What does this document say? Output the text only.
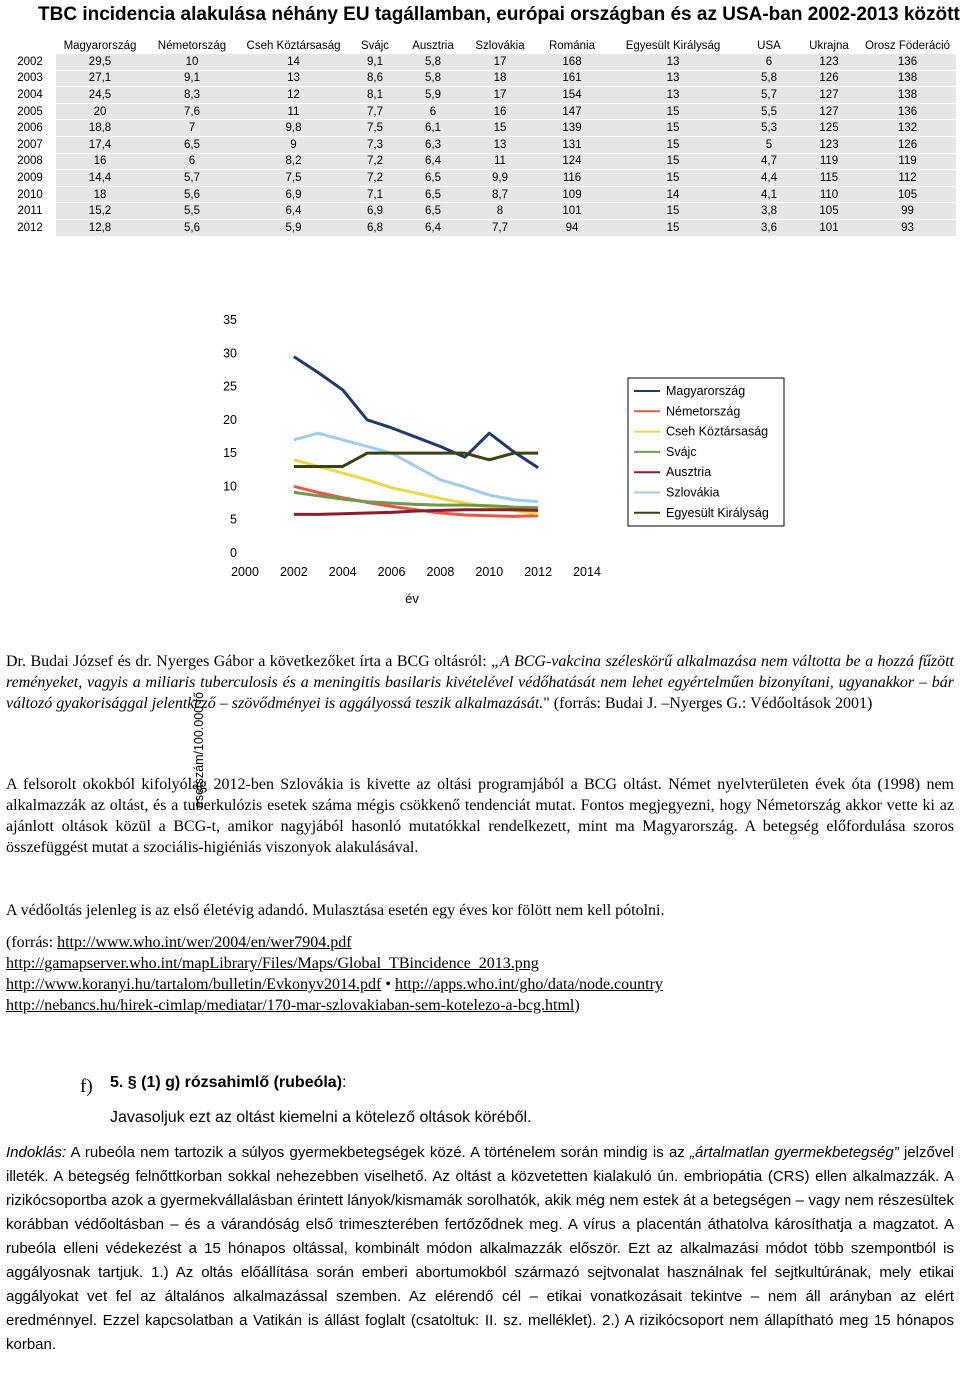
TBC incidencia alakulása néhány EU tagállamban, európai országban és az USA-ban 2002-2013 között
	Magyarország	Németország	Cseh Köztársaság	Svájc	Ausztria	Szlovákia	Románia	Egyesült Királyság	USA	Ukrajna	Orosz Föderáció
2002	29,5	10	14	9,1	5,8	17	168	13	6	123	136
2003	27,1	9,1	13	8,6	5,8	18	161	13	5,8	126	138
2004	24,5	8,3	12	8,1	5,9	17	154	13	5,7	127	138
2005	20	7,6	11	7,7	6	16	147	15	5,5	127	136
2006	18,8	7	9,8	7,5	6,1	15	139	15	5,3	125	132
2007	17,4	6,5	9	7,3	6,3	13	131	15	5	123	126
2008	16	6	8,2	7,2	6,4	11	124	15	4,7	119	119
2009	14,4	5,7	7,5	7,2	6,5	9,9	116	15	4,4	115	112
2010	18	5,6	6,9	7,1	6,5	8,7	109	14	4,1	110	105
2011	15,2	5,5	6,4	6,9	6,5	8	101	15	3,8	105	99
2012	12,8	5,6	5,9	6,8	6,4	7,7	94	15	3,6	101	93
esetszám/100.000 fő
0
5
10
15
20
25
30
35
2000 2002 2004 2006 2008 2010 2012 2014
év
Magyarország
Németország
Cseh Köztársaság
Svájc
Ausztria
Szlovákia
Egyesült Királyság

Dr. Budai József és dr. Nyerges Gábor a következőket írta a BCG oltásról: „A BCG-vakcina széleskörű alkalmazása nem váltotta be a hozzá fűzött reményeket, vagyis a miliaris tuberculosis és a meningitis basilaris kivételével védőhatását nem lehet egyértelműen bizonyítani, ugyanakkor – bár változó gyakorisággal jelentkező – szövődményei is aggályossá teszik alkalmazását." (forrás: Budai J. –Nyerges G.: Védőoltások 2001)

A felsorolt okokból kifolyólag 2012-ben Szlovákia is kivette az oltási programjából a BCG oltást. Német nyelvterületen évek óta (1998) nem alkalmazzák az oltást, és a tuberkulózis esetek száma mégis csökkenő tendenciát mutat. Fontos megjegyezni, hogy Németország akkor vette ki az ajánlott oltások közül a BCG-t, amikor nagyjából hasonló mutatókkal rendelkezett, mint ma Magyarország. A betegség előfordulása szoros összefüggést mutat a szociális-higiéniás viszonyok alakulásával.

A védőoltás jelenleg is az első életévig adandó. Mulasztása esetén egy éves kor fölött nem kell pótolni.

(forrás: http://www.who.int/wer/2004/en/wer7904.pdf
http://gamapserver.who.int/mapLibrary/Files/Maps/Global_TBincidence_2013.png
http://www.koranyi.hu/tartalom/bulletin/Evkonyv2014.pdf • http://apps.who.int/gho/data/node.country
http://nebancs.hu/hirek-cimlap/mediatar/170-mar-szlovakiaban-sem-kotelezo-a-bcg.html)
f) 5. § (1) g) rózsahimlő (rubeóla):
Javasoljuk ezt az oltást kiemelni a kötelező oltások köréből.

Indoklás: A rubeóla nem tartozik a súlyos gyermekbetegségek közé. A történelem során mindig is az „ártalmatlan gyermekbetegség” jelzővel illeték. A betegség felnőttkorban sokkal nehezebben viselhető. Az oltást a közvetetten kialakuló ún. embriopátia (CRS) ellen alkalmazzák. A rizikócsoportba azok a gyermekvállalásban érintett lányok/kismamák sorolhatók, akik még nem estek át a betegségen – vagy nem részesültek korábban védőoltásban – és a várandóság első trimeszterében fertőződnek meg. A vírus a placentán áthatolva károsíthatja a magzatot. A rubeóla elleni védekezést a 15 hónapos oltással, kombinált módon alkalmazzák először. Ezt az alkalmazási módot több szempontból is aggályosnak tartjuk. 1.) Az oltás előállítása során emberi abortumokból származó sejtvonalat használnak fel sejtkultúrának, mely etikai aggályokat vet fel az általános alkalmazással szemben. Az elérendő cél – etikai vonatkozásait tekintve – nem áll arányban az elért eredménnyel. Ezzel kapcsolatban a Vatikán is állást foglalt (csatoltuk: II. sz. melléklet). 2.) A rizikócsoport nem állapítható meg 15 hónapos korban.
